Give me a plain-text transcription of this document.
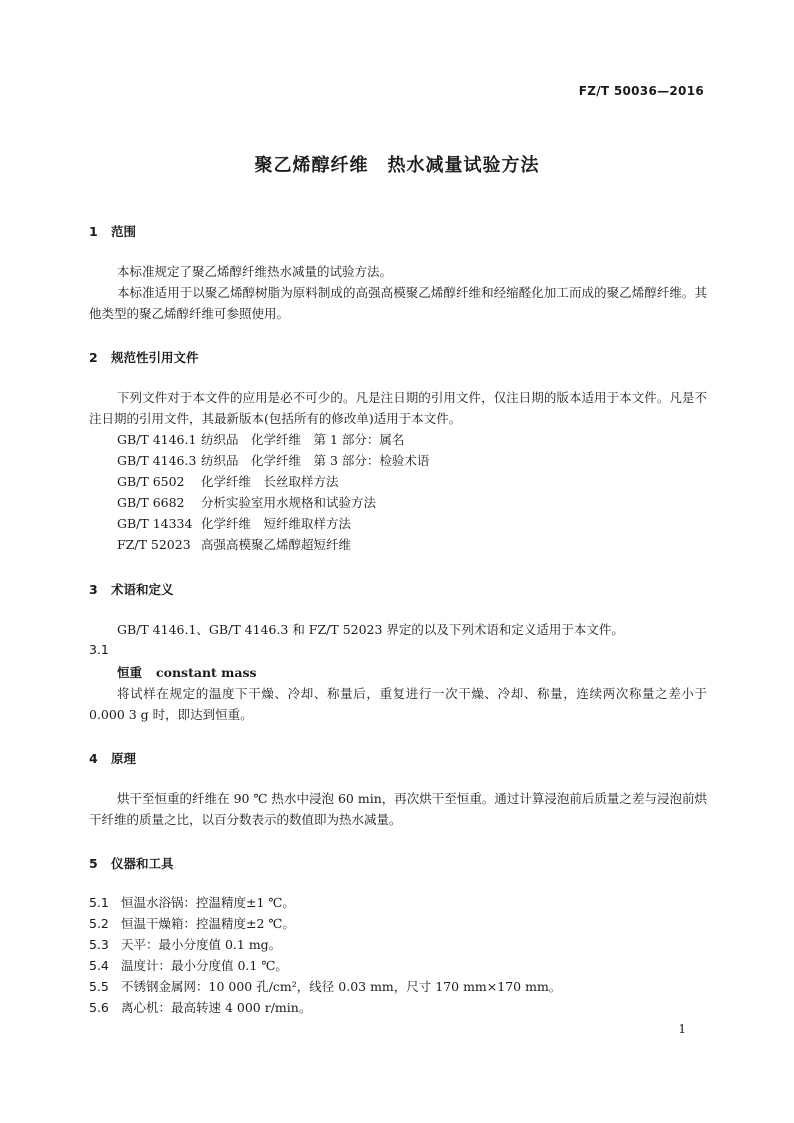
FZ/T 50036—2016
聚乙烯醇纤维　热水减量试验方法
1 范围
本标准规定了聚乙烯醇纤维热水减量的试验方法。
本标准适用于以聚乙烯醇树脂为原料制成的高强高模聚乙烯醇纤维和经缩醛化加工而成的聚乙烯醇纤维。其他类型的聚乙烯醇纤维可参照使用。
2 规范性引用文件
下列文件对于本文件的应用是必不可少的。凡是注日期的引用文件，仅注日期的版本适用于本文件。凡是不注日期的引用文件，其最新版本(包括所有的修改单)适用于本文件。
GB/T 4146.1 纺织品　化学纤维　第 1 部分：属名
GB/T 4146.3 纺织品　化学纤维　第 3 部分：检验术语
GB/T 6502 化学纤维　长丝取样方法
GB/T 6682 分析实验室用水规格和试验方法
GB/T 14334 化学纤维　短纤维取样方法
FZ/T 52023 高强高模聚乙烯醇超短纤维
3 术语和定义
GB/T 4146.1、GB/T 4146.3 和 FZ/T 52023 界定的以及下列术语和定义适用于本文件。
3.1
恒重 constant mass
将试样在规定的温度下干燥、冷却、称量后，重复进行一次干燥、冷却、称量，连续两次称量之差小于 0.000 3 g 时，即达到恒重。
4 原理
烘干至恒重的纤维在 90 ℃ 热水中浸泡 60 min，再次烘干至恒重。通过计算浸泡前后质量之差与浸泡前烘干纤维的质量之比，以百分数表示的数值即为热水减量。
5 仪器和工具
5.1 恒温水浴锅：控温精度±1 ℃。
5.2 恒温干燥箱：控温精度±2 ℃。
5.3 天平：最小分度值 0.1 mg。
5.4 温度计：最小分度值 0.1 ℃。
5.5 不锈钢金属网：10 000 孔/cm²，线径 0.03 mm，尺寸 170 mm×170 mm。
5.6 离心机：最高转速 4 000 r/min。
1
